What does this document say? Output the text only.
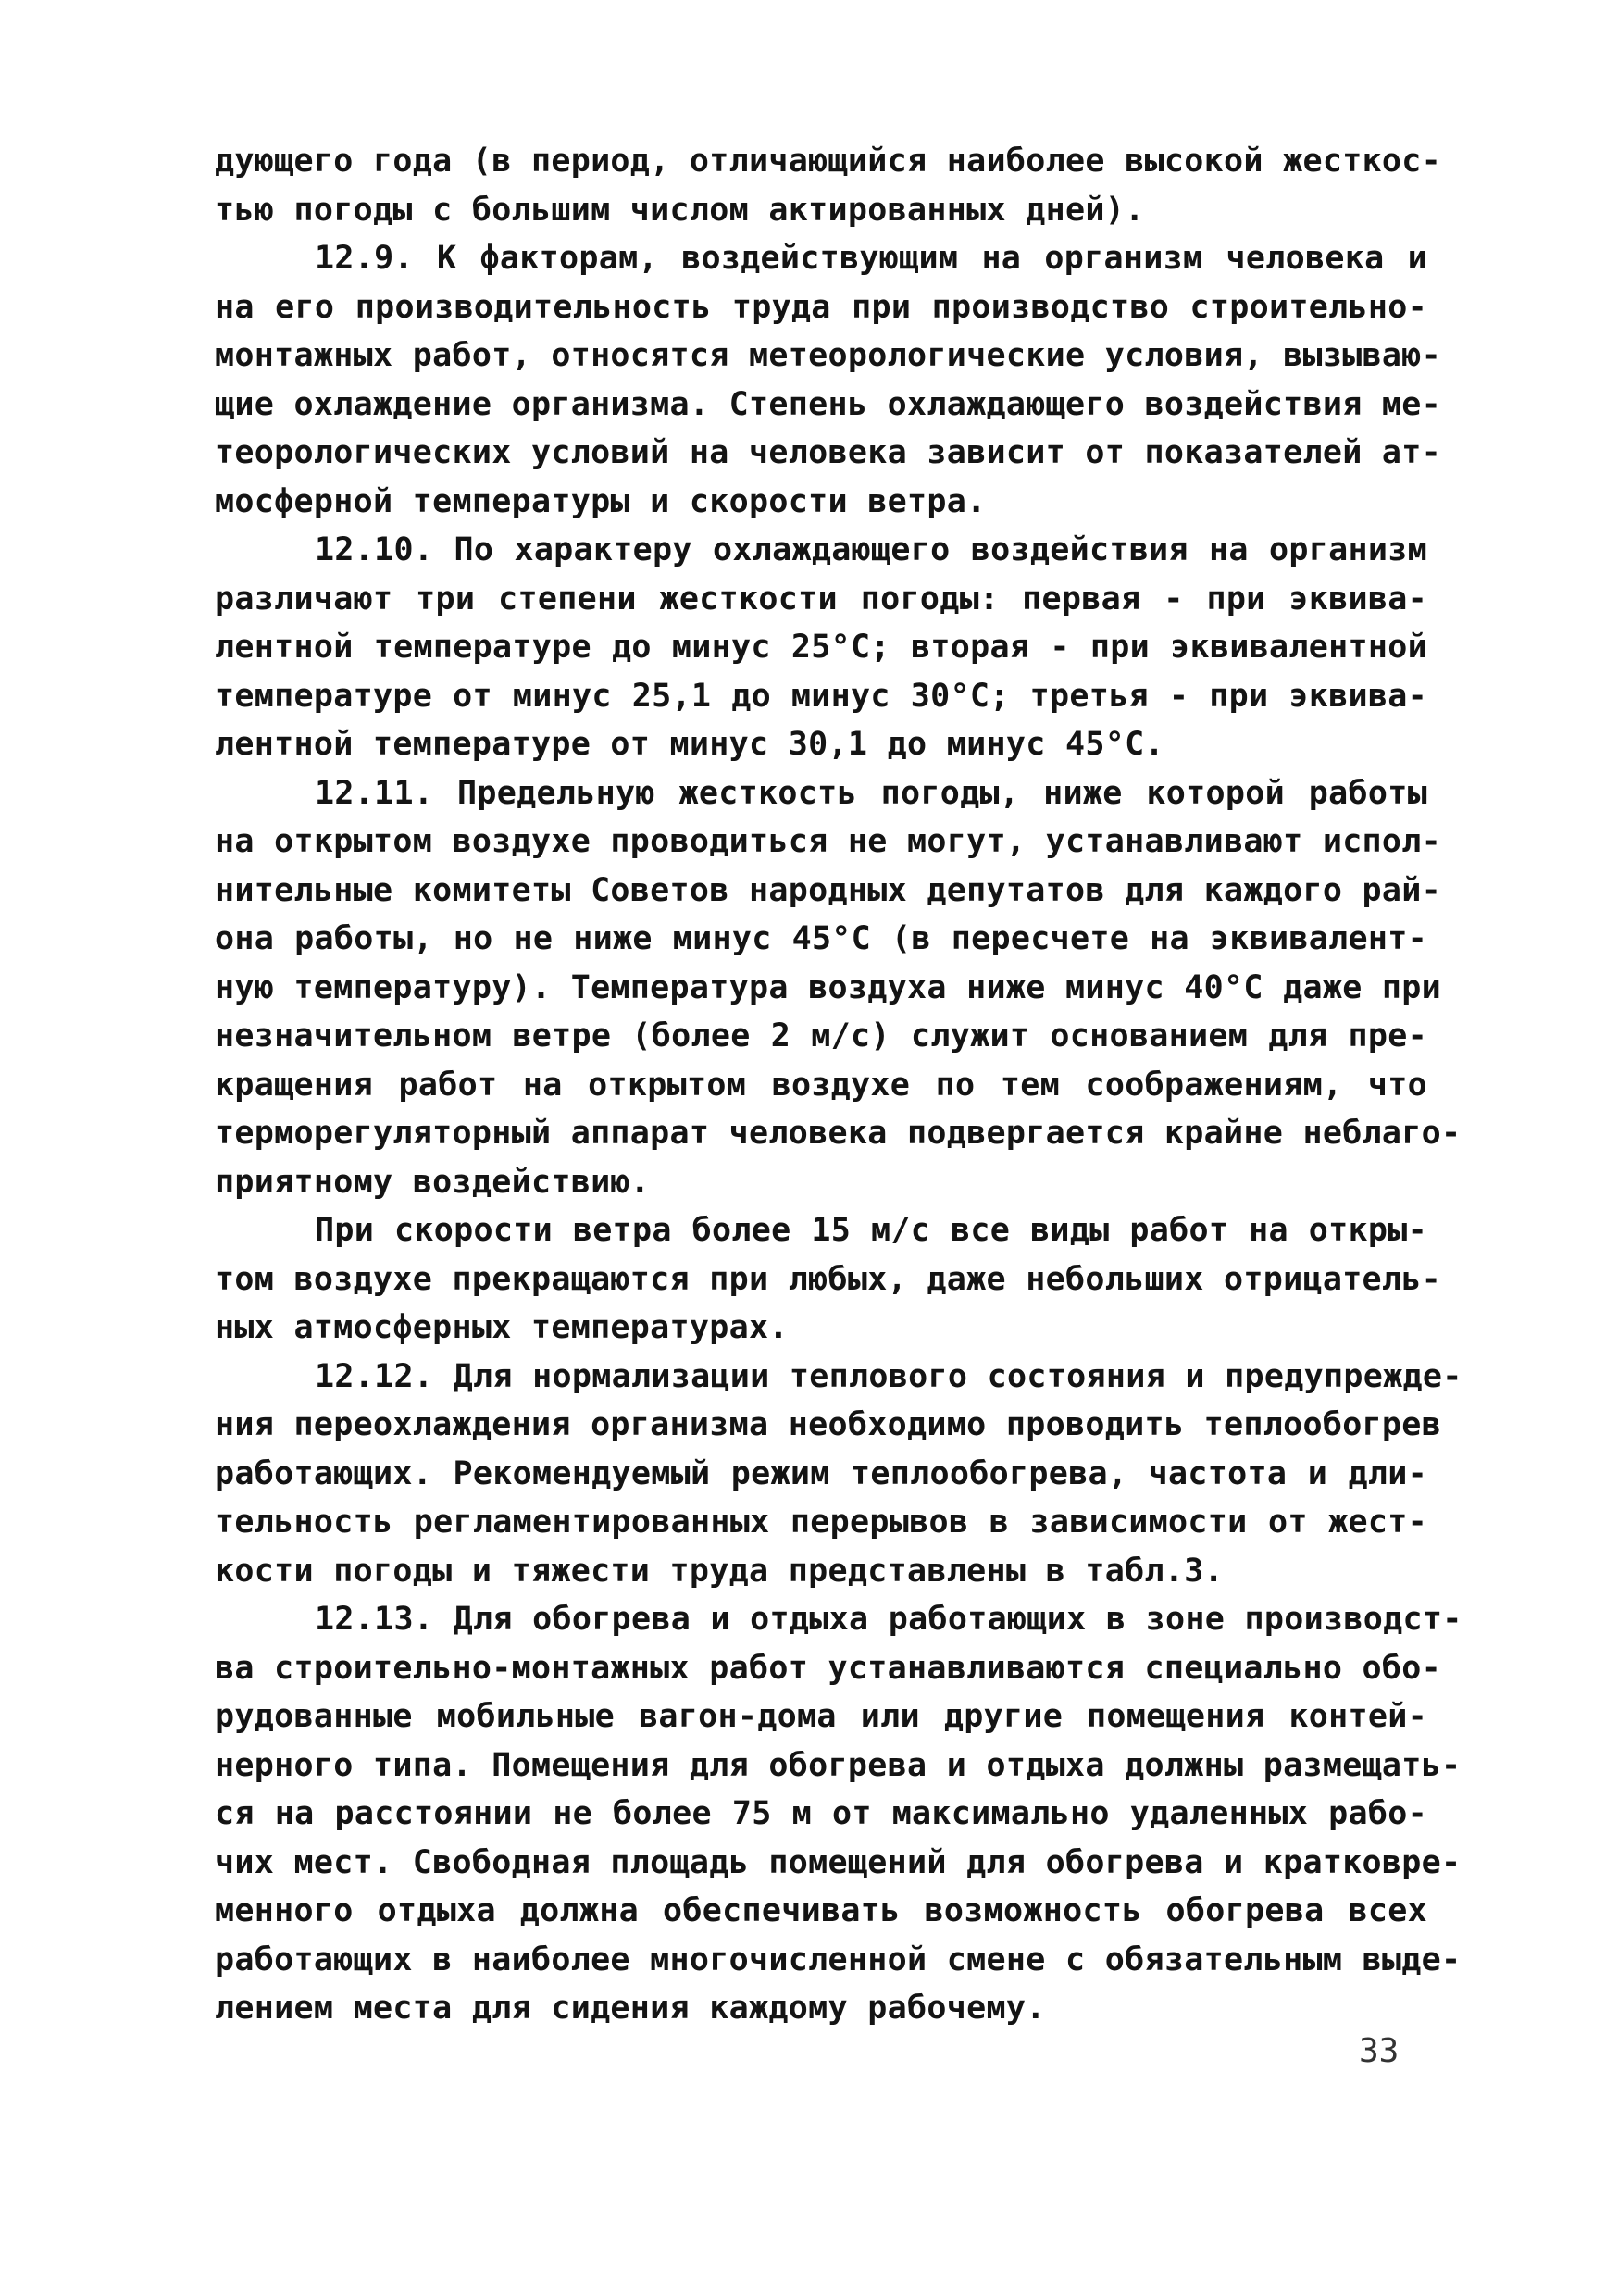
дующего года (в период, отличающийся наиболее высокой жесткос-
тью погоды с большим числом актированных дней).
12.9. К факторам, воздействующим на организм человека и
на его производительность труда при производство строительно-
монтажных работ, относятся метеорологические условия, вызываю-
щие охлаждение организма. Степень охлаждающего воздействия ме-
теорологических условий на человека зависит от показателей ат-
мосферной температуры и скорости ветра.
12.10. По характеру охлаждающего воздействия на организм
различают три степени жесткости погоды: первая - при эквива-
лентной температуре до минус 25°С; вторая - при эквивалентной
температуре от минус 25,1 до минус 30°С; третья - при эквива-
лентной температуре от минус 30,1 до минус 45°С.
12.11. Предельную жесткость погоды, ниже которой работы
на открытом воздухе проводиться не могут, устанавливают испол-
нительные комитеты Советов народных депутатов для каждого рай-
она работы, но не ниже минус 45°С (в пересчете на эквивалент-
ную температуру). Температура воздуха ниже минус 40°С даже при
незначительном ветре (более 2 м/с) служит основанием для пре-
кращения работ на открытом воздухе по тем соображениям, что
терморегуляторный аппарат человека подвергается крайне неблаго-
приятному воздействию.
При скорости ветра более 15 м/с все виды работ на откры-
том воздухе прекращаются при любых, даже небольших отрицатель-
ных атмосферных температурах.
12.12. Для нормализации теплового состояния и предупрежде-
ния переохлаждения организма необходимо проводить теплообогрев
работающих. Рекомендуемый режим теплообогрева, частота и дли-
тельность регламентированных перерывов в зависимости от жест-
кости погоды и тяжести труда представлены в табл.3.
12.13. Для обогрева и отдыха работающих в зоне производст-
ва строительно-монтажных работ устанавливаются специально обо-
рудованные мобильные вагон-дома или другие помещения контей-
нерного типа. Помещения для обогрева и отдыха должны размещать-
ся на расстоянии не более 75 м от максимально удаленных рабо-
чих мест. Свободная площадь помещений для обогрева и кратковре-
менного отдыха должна обеспечивать возможность обогрева всех
работающих в наиболее многочисленной смене с обязательным выде-
лением места для сидения каждому рабочему.
33
